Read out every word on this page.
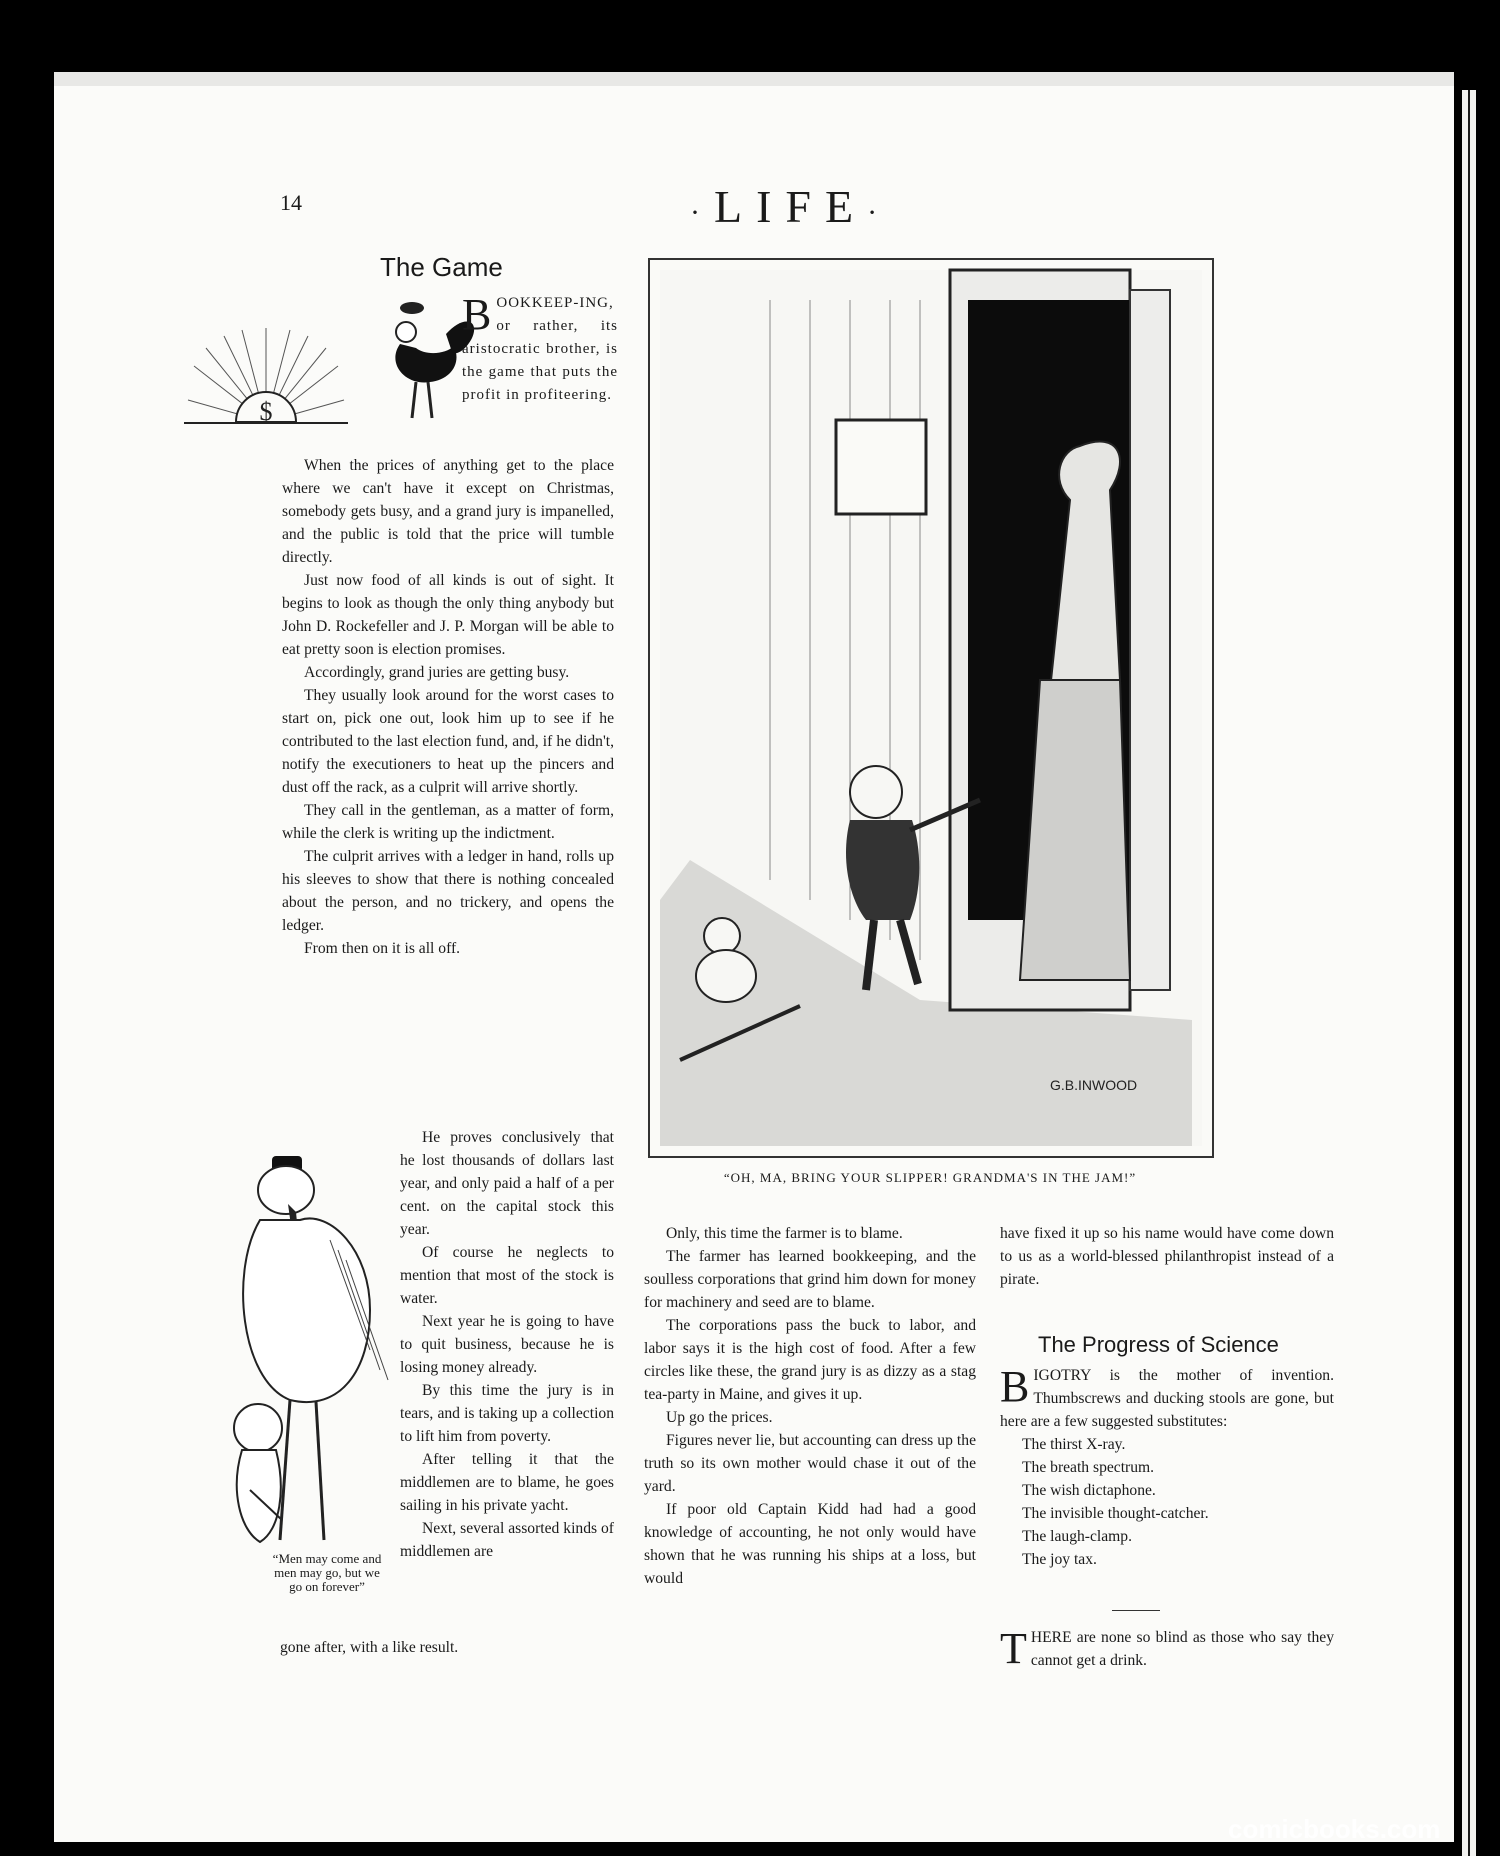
14	·LIFE·
The Game
$
BOOKKEEP-ING, or rather, its aristocratic brother, is the game that puts the profit in profiteering.

When the prices of anything get to the place where we can't have it except on Christmas, somebody gets busy, and a grand jury is impanelled, and the public is told that the price will tumble directly.

Just now food of all kinds is out of sight. It begins to look as though the only thing anybody but John D. Rockefeller and J. P. Morgan will be able to eat pretty soon is election promises.

Accordingly, grand juries are getting busy.

They usually look around for the worst cases to start on, pick one out, look him up to see if he contributed to the last election fund, and, if he didn't, notify the executioners to heat up the pincers and dust off the rack, as a culprit will arrive shortly.

They call in the gentleman, as a matter of form, while the clerk is writing up the indictment.

The culprit arrives with a ledger in hand, rolls up his sleeves to show that there is nothing concealed about the person, and no trickery, and opens the ledger.

From then on it is all off.

“Men may come and men may go, but we go on forever”

He proves conclusively that he lost thousands of dollars last year, and only paid a half of a per cent. on the capital stock this year.

Of course he neglects to mention that most of the stock is water.

Next year he is going to have to quit business, because he is losing money already.

By this time the jury is in tears, and is taking up a collection to lift him from poverty.

After telling it that the middlemen are to blame, he goes sailing in his private yacht.

Next, several assorted kinds of middlemen are

gone after, with a like result.

G.B.INWOOD
“OH, MA, BRING YOUR SLIPPER! GRANDMA'S IN THE JAM!”

Only, this time the farmer is to blame.

The farmer has learned bookkeeping, and the soulless corporations that grind him down for money for machinery and seed are to blame.

The corporations pass the buck to labor, and labor says it is the high cost of food. After a few circles like these, the grand jury is as dizzy as a stag tea-party in Maine, and gives it up.

Up go the prices.

Figures never lie, but accounting can dress up the truth so its own mother would chase it out of the yard.

If poor old Captain Kidd had had a good knowledge of accounting, he not only would have shown that he was running his ships at a loss, but would

have fixed it up so his name would have come down to us as a world-blessed philanthropist instead of a pirate.

The Progress of Science

BIGOTRY is the mother of invention. Thumbscrews and ducking stools are gone, but here are a few suggested substitutes:

The thirst X-ray.

The breath spectrum.

The wish dictaphone.

The invisible thought-catcher.

The laugh-clamp.

The joy tax.

THERE are none so blind as those who say they cannot get a drink.

comicbooks.com
